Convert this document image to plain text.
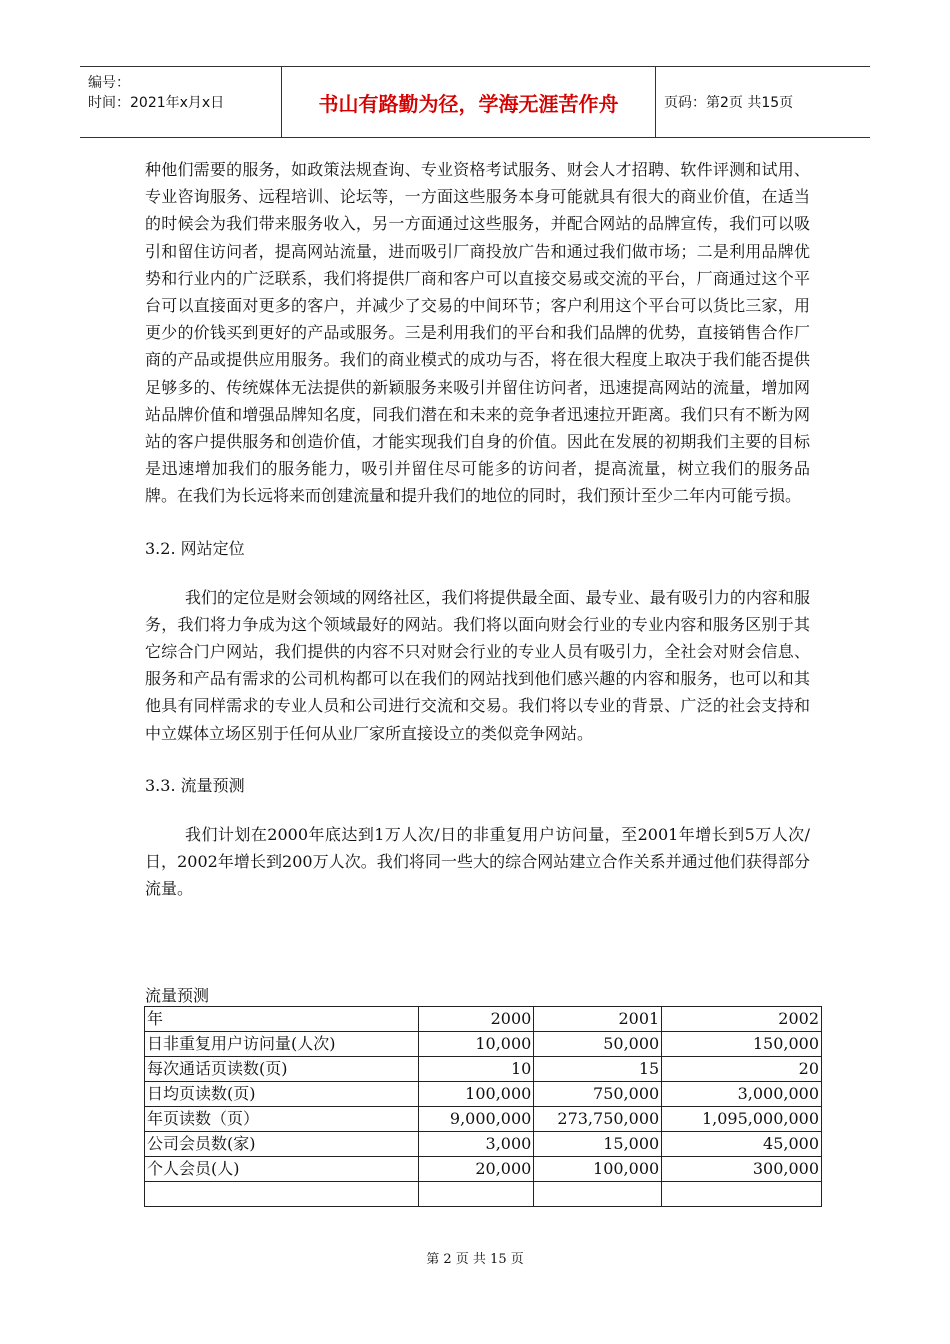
编号：
时间：2021年x月x日	书山有路勤为径，学海无涯苦作舟	页码：第2页 共15页

种他们需要的服务，如政策法规查询、专业资格考试服务、财会人才招聘、软件评测和试用、专业咨询服务、远程培训、论坛等，一方面这些服务本身可能就具有很大的商业价值，在适当的时候会为我们带来服务收入，另一方面通过这些服务，并配合网站的品牌宣传，我们可以吸引和留住访问者，提高网站流量，进而吸引厂商投放广告和通过我们做市场；二是利用品牌优势和行业内的广泛联系，我们将提供厂商和客户可以直接交易或交流的平台，厂商通过这个平台可以直接面对更多的客户，并减少了交易的中间环节；客户利用这个平台可以货比三家，用更少的价钱买到更好的产品或服务。三是利用我们的平台和我们品牌的优势，直接销售合作厂商的产品或提供应用服务。我们的商业模式的成功与否，将在很大程度上取决于我们能否提供足够多的、传统媒体无法提供的新颖服务来吸引并留住访问者，迅速提高网站的流量，增加网站品牌价值和增强品牌知名度，同我们潜在和未来的竞争者迅速拉开距离。我们只有不断为网站的客户提供服务和创造价值，才能实现我们自身的价值。因此在发展的初期我们主要的目标是迅速增加我们的服务能力，吸引并留住尽可能多的访问者，提高流量，树立我们的服务品牌。在我们为长远将来而创建流量和提升我们的地位的同时，我们预计至少二年内可能亏损。

3.2. 网站定位

我们的定位是财会领域的网络社区，我们将提供最全面、最专业、最有吸引力的内容和服务，我们将力争成为这个领域最好的网站。我们将以面向财会行业的专业内容和服务区别于其它综合门户网站，我们提供的内容不只对财会行业的专业人员有吸引力，全社会对财会信息、服务和产品有需求的公司机构都可以在我们的网站找到他们感兴趣的内容和服务，也可以和其他具有同样需求的专业人员和公司进行交流和交易。我们将以专业的背景、广泛的社会支持和中立媒体立场区别于任何从业厂家所直接设立的类似竞争网站。

3.3. 流量预测

我们计划在2000年底达到1万人次/日的非重复用户访问量，至2001年增长到5万人次/日，2002年增长到200万人次。我们将同一些大的综合网站建立合作关系并通过他们获得部分流量。

流量预测
年	2000	2001	2002
日非重复用户访问量(人次)	10,000	50,000	150,000
每次通话页读数(页)	10	15	20
日均页读数(页)	100,000	750,000	3,000,000
年页读数（页）	9,000,000	273,750,000	1,095,000,000
公司会员数(家)	3,000	15,000	45,000
个人会员(人)	20,000	100,000	300,000

第 2 页 共 15 页
